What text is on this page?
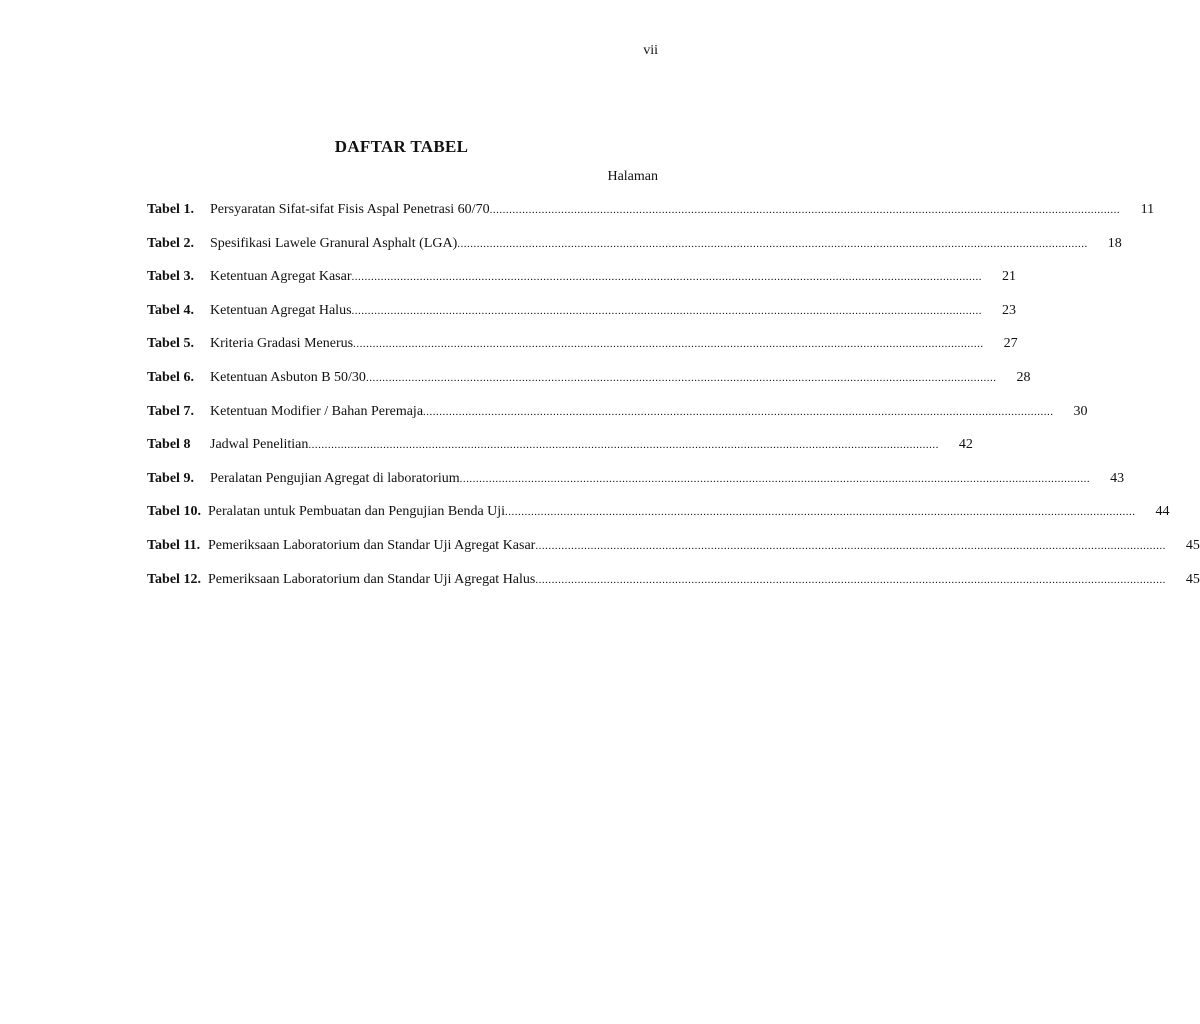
vii
DAFTAR TABEL
Halaman
Tabel 1.	Persyaratan Sifat-sifat Fisis Aspal Penetrasi 60/70 .....	11
Tabel 2.	Spesifikasi Lawele Granural Asphalt (LGA) .....	18
Tabel 3.	Ketentuan Agregat Kasar .....	21
Tabel 4.	Ketentuan Agregat Halus .....	23
Tabel 5.	Kriteria Gradasi Menerus .....	27
Tabel 6.	Ketentuan Asbuton B 50/30 .....	28
Tabel 7.	Ketentuan Modifier / Bahan Peremaja .....	30
Tabel 8	Jadwal Penelitian .....	42
Tabel 9.	Peralatan Pengujian Agregat di laboratorium .....	43
Tabel 10. Peralatan untuk Pembuatan dan Pengujian Benda Uji .....	44
Tabel 11. Pemeriksaan Laboratorium dan Standar Uji Agregat Kasar .....	45
Tabel 12. Pemeriksaan Laboratorium dan Standar Uji Agregat Halus .....	45
